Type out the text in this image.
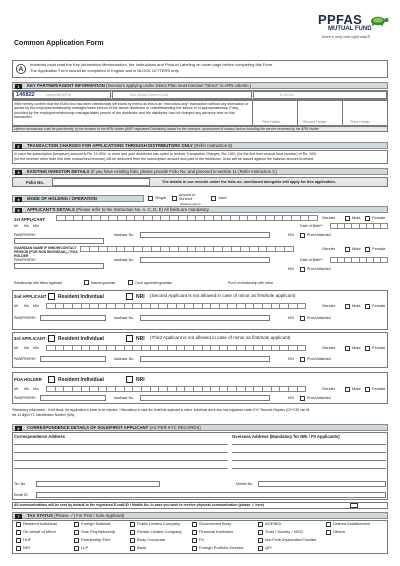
Common Application Form
PPFAS
MUTUAL FUND
there's only one right way®
A
Investors must read the Key Information Memorandum, the Instructions and Product Labeling on cover page before completing this Form.
The Application Form should be completed in English and in BLOCK LETTERS only.
1	KEY PARTNER/AGENT INFORMATION (Investors applying under Direct Plan must mention "Direct" in ARN column.)
146822	Name/ARN/RIA	Sub-Broker Name/Code	EUIN No.
I/We hereby confirm that the EUIN box has been intentionally left blank by me/us as this is an "execution-only" transaction without any interaction or advice by the employee/relationship manager/sales person of the above distributor or notwithstanding the advice of in-appropriateness, if any, provided by the employee/relationship manager/sales person of the distributor and the distributor has not charged any advisory fees on this transaction.
First Holder	Second Holder	Third Holder
Upfront commission shall be paid directly by the investor to the ARN Holder (AMFI registered Distributor) based on the investors' assessment of various factors including the service rendered by the ARN Holder
2	TRANSACTION CHARGES FOR APPLICATIONS THROUGH DISTRIBUTORS ONLY (Refer Instruction 8)
In case the subscription (lumpsum) amount is Rs. 10,000/- or more and your distributor has opted to receive Transaction Charges, Rs. 150/- (for the first time mutual fund investor) or Rs. 100/-
(for the investor other than first time mutual fund investor) will be deducted from the subscription amount and paid to the distributor. Units will be issued against the balance amount invested.
3	EXISTING INVESTOR DETAILS (If you have existing folio, please provide Folio No. and proceed to section 11 (Refer Instruction C)
Folio No.	The details in our records under the folio no. mentioned alongside will apply for this application.
4	MODE OF HOLDING / OPERATION	Single	Anyone or Survivor
(Default option)
Joint
5	APPLICANT'S DETAILS (Please refer to the Instruction No. A, C, D, E) All fields are mandatory.
1st APPLICANT	Gender	Male	Female
Mr Ms M/s	Date of Birth**
PAN/PEKRN*	Aadhaar No.	KIN	Proof Attached
GUARDIAN NAME IF MINOR/CONTACT PERSON (FOR NON INDIVIDUAL) / POA HOLDER
Gender	Male	Female
PAN/PEKRN*	Aadhaar No.	Date of Birth**
KIN	Proof Attached
Relationship with Minor applicant	Natural guardian	Court appointed guardian	Proof of relationship with minor
2nd APPLICANT Resident Individual	NRI (Second Applicant is not allowed in case of minor as first/sole applicant)
Mr Ms M/s	Gender	Male	Female
PAN/PEKRN*	Aadhaar No.	KIN	Proof Attached
3rd APPLICANT	Resident Individual	NRI (Third Applicant is not allowed in case of minor as first/sole applicant)
Mr Ms M/s	Gender	Male	Female
PAN/PEKRN*	Aadhaar No.	KIN	Proof Attached
POA HOLDER	Resident Individual	NRI
Mr Ms M/s	Gender	Male	Female
PAN/PEKRN*	Aadhaar No.	KIN	Proof Attached
*Mandatory Information - If left blank, the application is liable to be rejected. **Mandatory in case the Sole/first applicant is minor. Individual client who has registered under KYC Records Registry (CKYCR) can fill
the 14 digit KYC Identification Number (KIN).
6	CORRESPONDENCE DETAILS OF SOLE/FIRST APPLICANT (AS PER KYC RECORDS)
Correspondence Address	Overseas Address (Mandatory for NRI / FII Applicants)
Tel. No.	Mobile No.
Email ID
All communications will be sent by default to the registered E-mail ID / Mobile No. in case you wish to receive physical communication (please ✓ here)
7	TAX STATUS (Please ✓) For First / Sole Applicant)
Resident Individual
On behalf of Minor
HUF
NRI
Foreign National
Sole Proprietorship
Partnership Firm
LLP
Public Limited Company
Private Limited Company
Body Corporate
Bank
Government Body
Financial Institution
FII
Foreign Portfolio Investor
AOP/BOI
Trust / Society / NGO
Non Profit Organization/Charities
QFI
Defence Establishment
Others
